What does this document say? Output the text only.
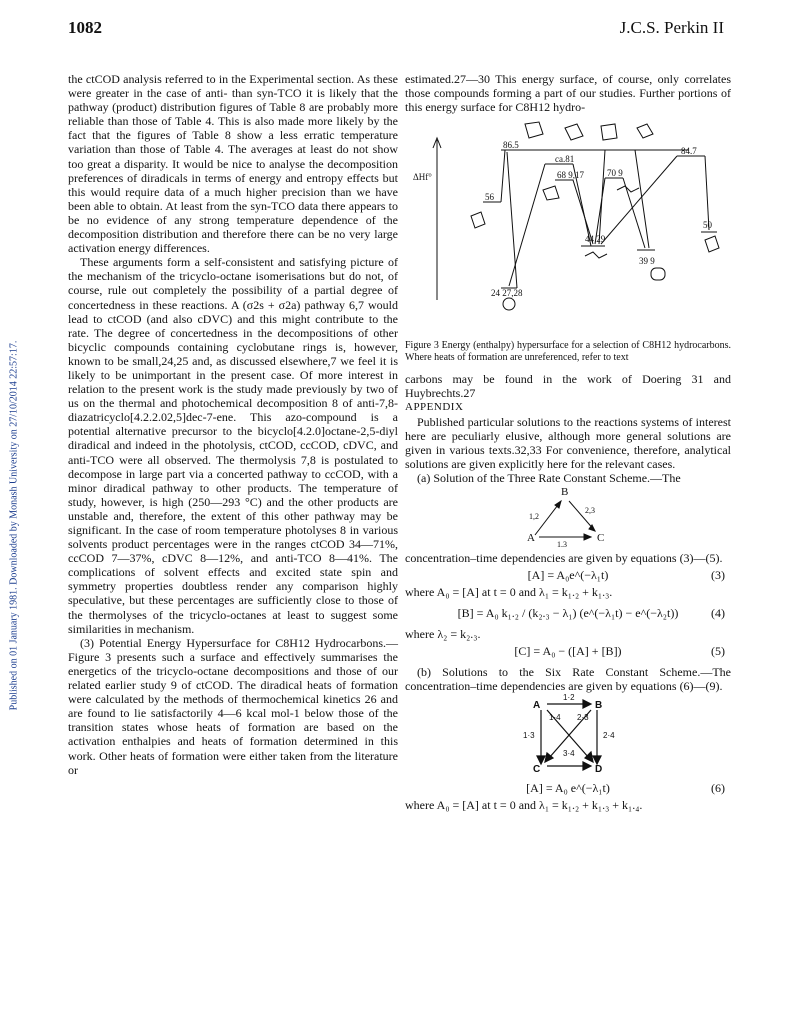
1082	J.C.S. Perkin II
Published on 01 January 1981. Downloaded by Monash University on 27/10/2014 22:57:17.

the ctCOD analysis referred to in the Experimental section. As these were greater in the case of anti- than syn-TCO it is likely that the pathway (product) distribution figures of Table 8 are probably more reliable than those of Table 4. This is also made more likely by the fact that the figures of Table 8 show a less erratic temperature variation than those of Table 4. The averages at least do not show too great a disparity. It would be nice to analyse the decomposition preferences of diradicals in terms of energy and entropy effects but this would require data of a much higher precision than we have been able to obtain. At least from the syn-TCO data there appears to be no evidence of any strong temperature dependence of the decomposition distribution and therefore there can be no very large activation energy differences.

These arguments form a self-consistent and satisfying picture of the mechanism of the tricyclo-octane isomerisations but do not, of course, rule out completely the possibility of a partial degree of concertedness in these reactions. A (σ2s + σ2a) pathway 6,7 would lead to ctCOD (and also cDVC) and this might contribute to the rate. The degree of concertedness in the decompositions of other bicyclic compounds containing cyclobutane rings is, however, known to be small,24,25 and, as discussed elsewhere,7 we feel it is likely to be unimportant in the present case. Of more interest in relation to the present work is the study made previously by two of us on the thermal and photochemical decomposition 8 of anti-7,8-diazatricyclo[4.2.2.02,5]dec-7-ene. This azo-compound is a potential alternative precursor to the bicyclo[4.2.0]octane-2,5-diyl diradical and indeed in the photolysis, ctCOD, ccCOD, cDVC, and anti-TCO were all observed. The thermolysis 7,8 is postulated to decompose in large part via a concerted pathway to ccCOD, with a minor diradical pathway to other products. The temperature of study, however, is high (250—293 °C) and the other products are unstable and, therefore, the extent of this other pathway may be significant. In the case of room temperature photolyses 8 in various solvents product percentages were in the ranges ctCOD 34—71%, ccCOD 7—37%, cDVC 8—12%, and anti-TCO 8—41%. The complications of solvent effects and excited state spin and symmetry properties doubtless render any comparison highly speculative, but these percentages are sufficiently close to those of the thermolyses of the tricyclo-octanes at least to suggest some similarities in mechanism.

(3) Potential Energy Hypersurface for C8H12 Hydrocarbons.—Figure 3 presents such a surface and effectively summarises the energetics of the tricyclo-octane decompositions and those of our related earlier study 9 of ctCOD. The diradical heats of formation were calculated by the methods of thermochemical kinetics 26 and are found to lie satisfactorily 4—6 kcal mol-1 below those of the transition states whose heats of formation are based on the activation enthalpies and heats of formation determined in this work. Other heats of formation were either taken from the literature or

estimated.27—30 This energy surface, of course, only correlates those compounds forming a part of our studies. Further portions of this energy surface for C8H12 hydro-

ΔHf°
86.5
ca.81
84.7
56
68 9,17	70 9
44 29
50
39 9
24 27,28

Figure 3 Energy (enthalpy) hypersurface for a selection of C8H12 hydrocarbons. Where heats of formation are unreferenced, refer to text

carbons may be found in the work of Doering 31 and Huybrechts.27

APPENDIX

Published particular solutions to the reactions systems of interest here are peculiarly elusive, although more general solutions are given in various texts.32,33 For convenience, therefore, analytical solutions are given explicitly here for the relevant cases.

(a) Solution of the Three Rate Constant Scheme.—The

B
A	C
1,2
2,3
1,3

concentration–time dependencies are given by equations (3)—(5).

[A] = A₀e^(−λ₁t)	(3)

where A₀ = [A] at t = 0 and λ₁ = k₁.₂ + k₁.₃.

[B] = A₀ k₁.₂ / (k₂.₃ − λ₁) (e^(−λ₁t) − e^(−λ₂t))	(4)

where λ₂ = k₂.₃.

[C] = A₀ − ([A] + [B])	(5)

(b) Solutions to the Six Rate Constant Scheme.—The concentration–time dependencies are given by equations (6)—(9).

A	B
C	D
1·2
1·4 2·3
1·3	2·4
3·4
[A] = A₀ e^(−λ₁t)	(6)

where A₀ = [A] at t = 0 and λ₁ = k₁.₂ + k₁.₃ + k₁.₄.
